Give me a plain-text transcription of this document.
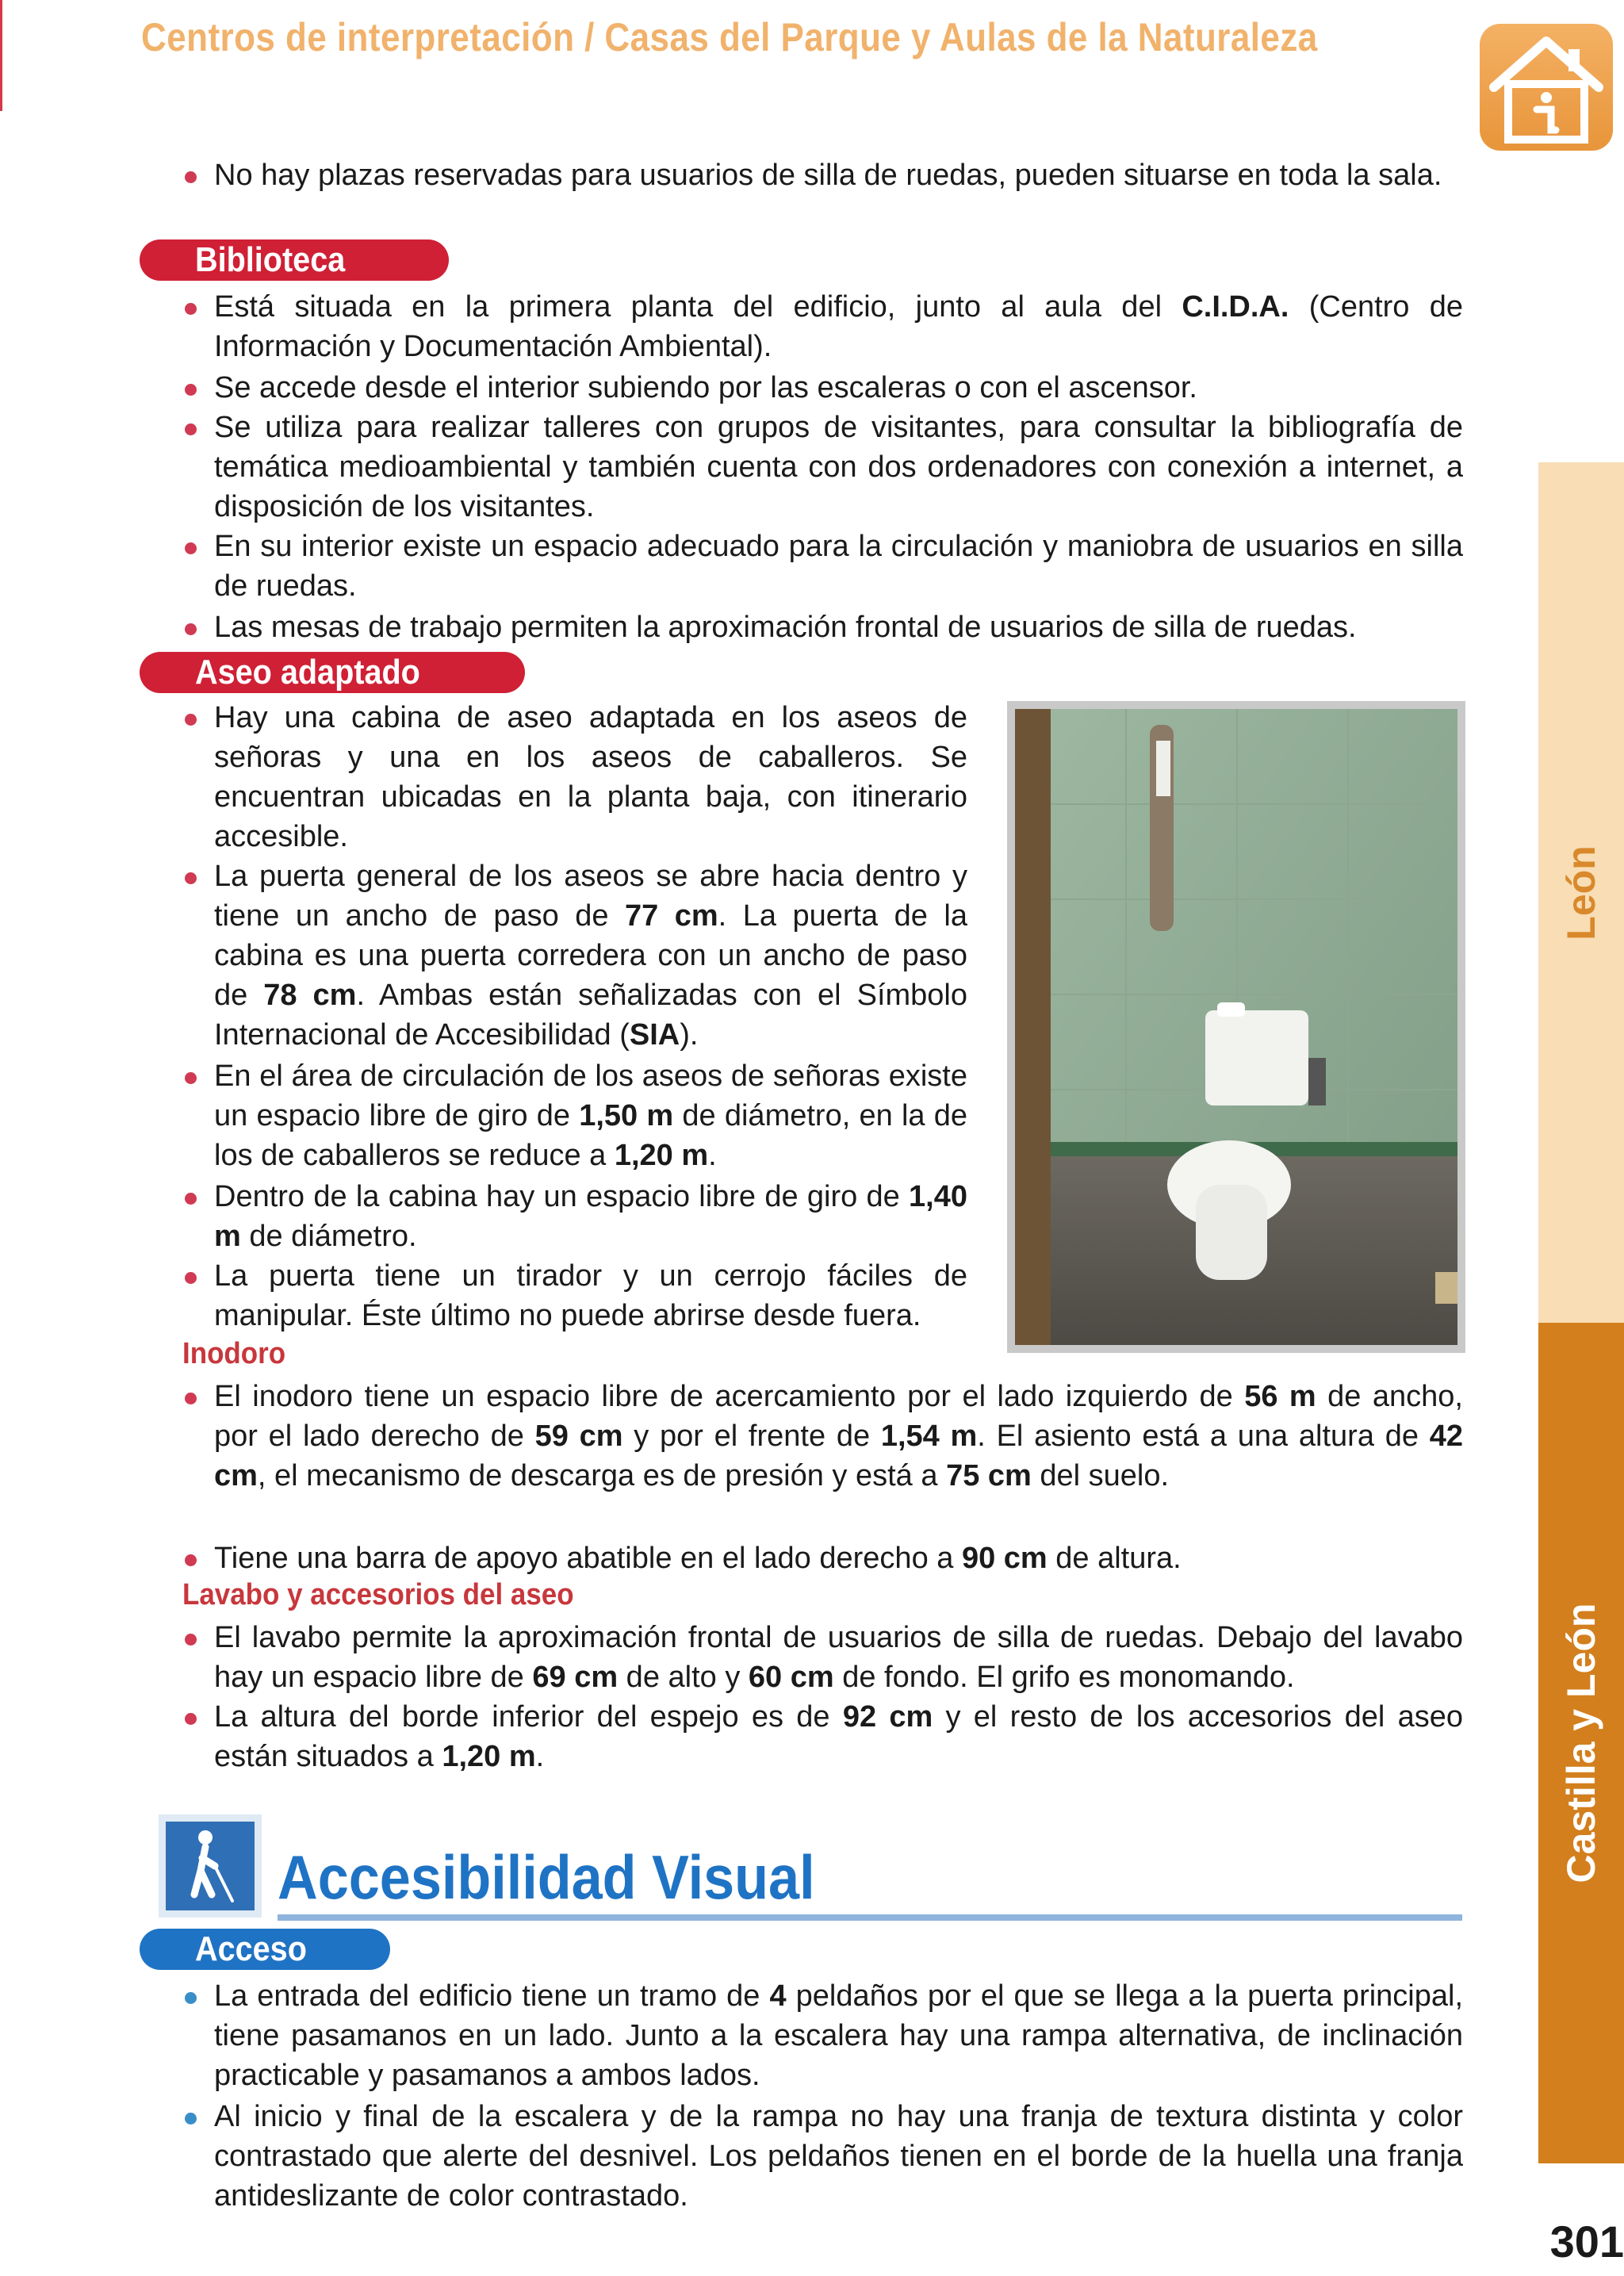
Centros de interpretación / Casas del Parque y Aulas de la Naturaleza
No hay plazas reservadas para usuarios de silla de ruedas, pueden situarse en toda la sala.
Biblioteca
Está situada en la primera planta del edificio, junto al aula del C.I.D.A. (Centro de Información y Documentación Ambiental).
Se accede desde el interior subiendo por las escaleras o con el ascensor.
Se utiliza para realizar talleres con grupos de visitantes, para consultar la bibliografía de temática medioambiental y también cuenta con dos ordenadores con conexión a internet, a disposición de los visitantes.
En su interior existe un espacio adecuado para la circulación y maniobra de usuarios en silla de ruedas.
Las mesas de trabajo permiten la aproximación frontal de usuarios de silla de ruedas.
Aseo adaptado
Hay una cabina de aseo adaptada en los aseos de señoras y una en los aseos de caballeros. Se encuentran ubicadas en la planta baja, con itinerario accesible.
La puerta general de los aseos se abre hacia dentro y tiene un ancho de paso de 77 cm. La puerta de la cabina es una puerta corredera con un ancho de paso de 78 cm. Ambas están señalizadas con el Símbolo Internacional de Accesibilidad (SIA).
En el área de circulación de los aseos de señoras existe un espacio libre de giro de 1,50 m de diámetro, en la de los de caballeros se reduce a 1,20 m.
Dentro de la cabina hay un espacio libre de giro de 1,40 m de diámetro.
La puerta tiene un tirador y un cerrojo fáciles de manipular. Éste último no puede abrirse desde fuera.
Inodoro
El inodoro tiene un espacio libre de acercamiento por el lado izquierdo de 56 m de ancho, por el lado derecho de 59 cm y por el frente de 1,54 m. El asiento está a una altura de 42 cm, el mecanismo de descarga es de presión y está a 75 cm del suelo.
Tiene una barra de apoyo abatible en el lado derecho a 90 cm de altura.
Lavabo y accesorios del aseo
El lavabo permite la aproximación frontal de usuarios de silla de ruedas. Debajo del lavabo hay un espacio libre de 69 cm de alto y 60 cm de fondo. El grifo es monomando.
La altura del borde inferior del espejo es de 92 cm y el resto de los accesorios del aseo están situados a 1,20 m.
Accesibilidad Visual
Acceso
La entrada del edificio tiene un tramo de 4 peldaños por el que se llega a la puerta principal, tiene pasamanos en un lado. Junto a la escalera hay una rampa alternativa, de inclinación practicable y pasamanos a ambos lados.
Al inicio y final de la escalera y de la rampa no hay una franja de textura distinta y color contrastado que alerte del desnivel. Los peldaños tienen en el borde de la huella una franja antideslizante de color contrastado.
León
Castilla y León
301
